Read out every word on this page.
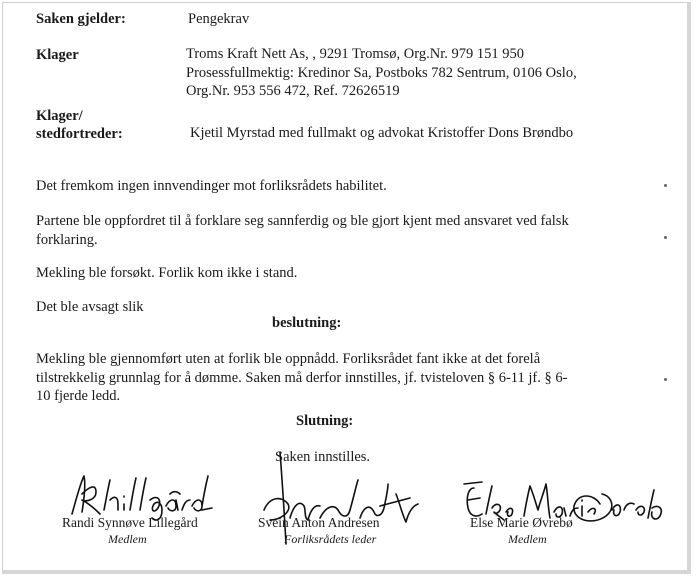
Saken gjelder:	Pengekrav
Klager	Troms Kraft Nett As, , 9291 Tromsø, Org.Nr. 979 151 950
Prosessfullmektig: Kredinor Sa, Postboks 782 Sentrum, 0106 Oslo,
Org.Nr. 953 556 472, Ref. 72626519
Klager/
stedfortreder:	Kjetil Myrstad med fullmakt og advokat Kristoffer Dons Brøndbo
Det fremkom ingen innvendinger mot forliksrådets habilitet.
Partene ble oppfordret til å forklare seg sannferdig og ble gjort kjent med ansvaret ved falsk
forklaring.
Mekling ble forsøkt. Forlik kom ikke i stand.
Det ble avsagt slik
beslutning:
Mekling ble gjennomført uten at forlik ble oppnådd. Forliksrådet fant ikke at det forelå
tilstrekkelig grunnlag for å dømme. Saken må derfor innstilles, jf. tvisteloven § 6-11 jf. § 6-
10 fjerde ledd.
Slutning:
Saken innstilles.
Randi Synnøve Lillegård
Medlem
Svein Anton Andresen
Forliksrådets leder
Else Marie Øvrebø
Medlem
